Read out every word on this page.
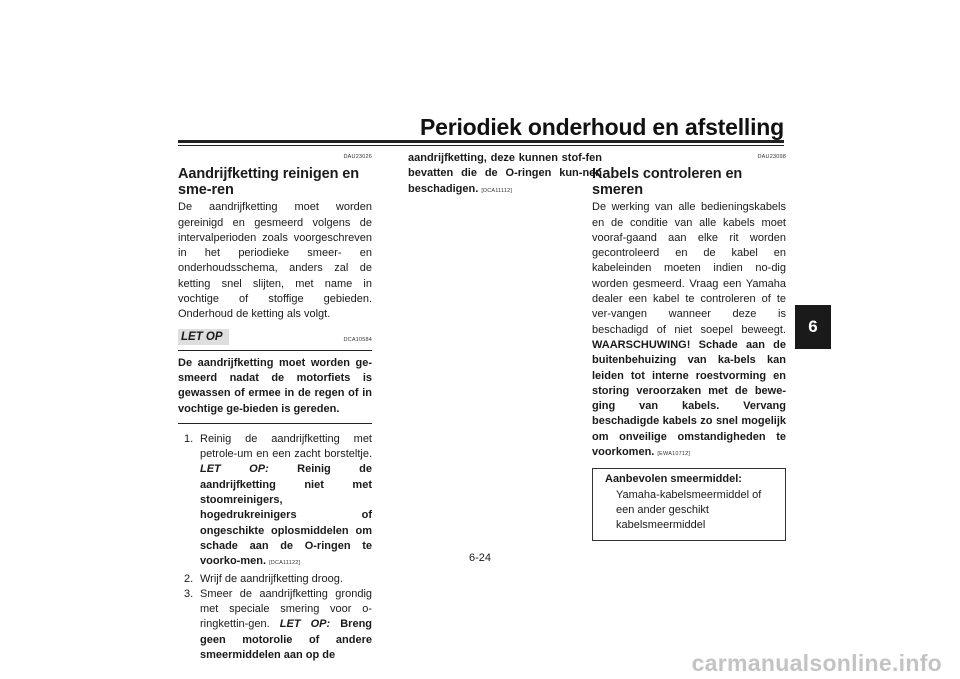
Periodiek onderhoud en afstelling
6
DAU23026
Aandrijfketting reinigen en sme-ren

De aandrijfketting moet worden gereinigd en gesmeerd volgens de intervalperioden zoals voorgeschreven in het periodieke smeer- en onderhoudsschema, anders zal de ketting snel slijten, met name in vochtige of stoffige gebieden. Onderhoud de ketting als volgt.

LET OP	DCA10584
De aandrijfketting moet worden ge-smeerd nadat de motorfiets is gewassen of ermee in de regen of in vochtige ge-bieden is gereden.
1. Reinig de aandrijfketting met petrole-um en een zacht borsteltje. LET OP:	Reinig de aandrijfketting niet met stoomreinigers, hogedrukreinigers of ongeschikte oplosmiddelen om schade aan de O-ringen te voorko-men. [DCA11122]
2. Wrijf de aandrijfketting droog.
3. Smeer de aandrijfketting grondig met speciale smering voor o-ringkettin-gen. LET OP: Breng geen motorolie of andere smeermiddelen aan op de
aandrijfketting, deze kunnen stof-fen bevatten die de O-ringen kun-nen beschadigen. [DCA11112]
DAU23098
Kabels controleren en smeren

De werking van alle bedieningskabels en de conditie van alle kabels moet vooraf-gaand aan elke rit worden gecontroleerd en de kabel en kabeleinden moeten indien no-dig worden gesmeerd. Vraag een Yamaha dealer een kabel te controleren of te ver-vangen wanneer deze is beschadigd of niet soepel beweegt. WAARSCHUWING! Schade aan de buitenbehuizing van ka-bels kan leiden tot interne roestvorming en storing veroorzaken met de bewe-ging van kabels. Vervang beschadigde kabels zo snel mogelijk om onveilige omstandigheden te voorkomen. [EWA10712]

Aanbevolen smeermiddel:
Yamaha-kabelsmeermiddel of een ander geschikt kabelsmeermiddel
6-24
carmanualsonline.info
